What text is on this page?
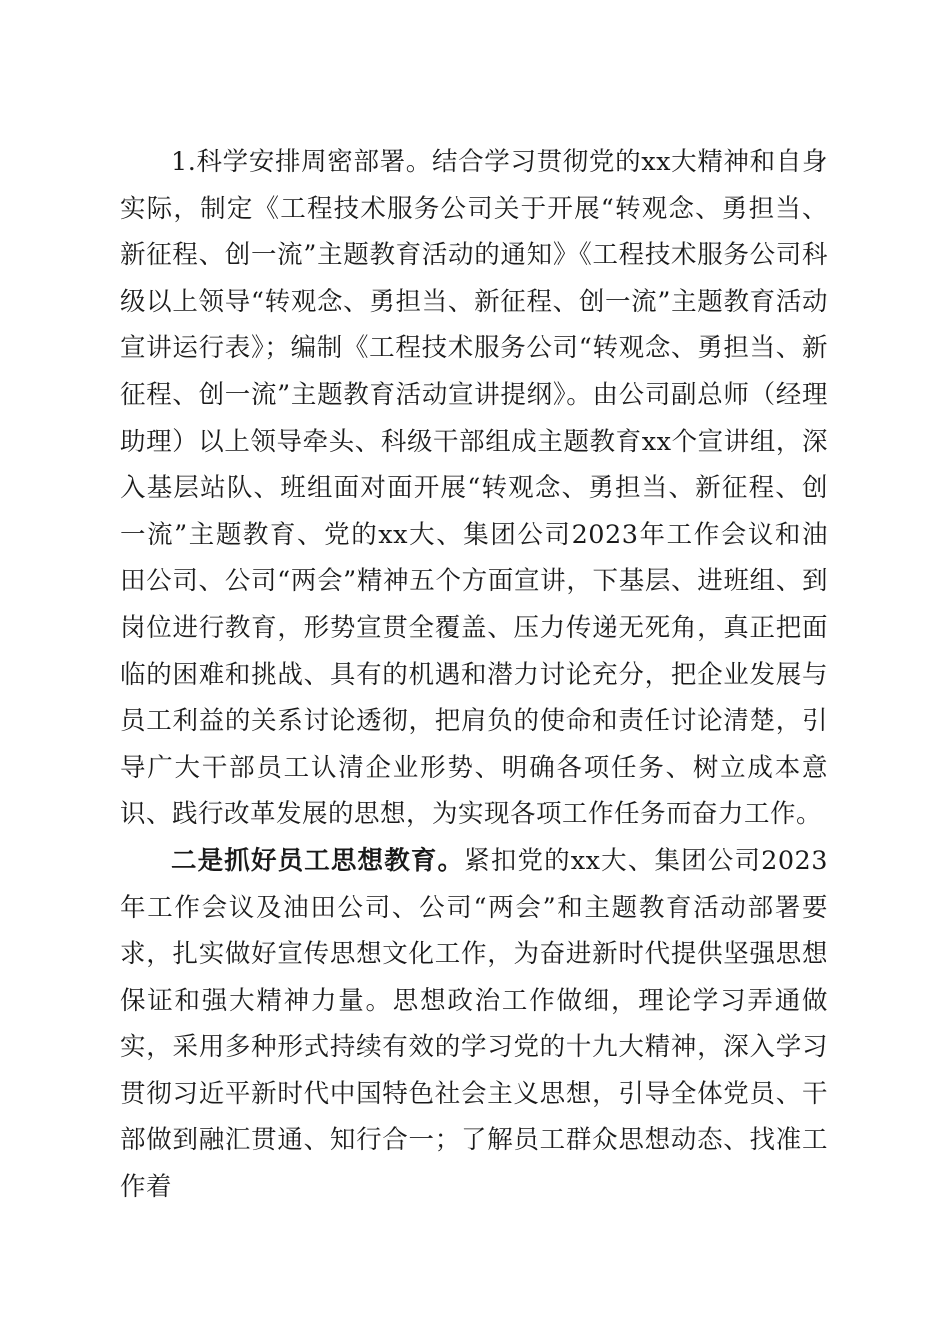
1.科学安排周密部署。结合学习贯彻党的xx大精神和自身实际，制定《工程技术服务公司关于开展“转观念、勇担当、新征程、创一流”主题教育活动的通知》《工程技术服务公司科级以上领导“转观念、勇担当、新征程、创一流”主题教育活动宣讲运行表》；编制《工程技术服务公司“转观念、勇担当、新征程、创一流”主题教育活动宣讲提纲》。由公司副总师（经理助理）以上领导牵头、科级干部组成主题教育xx个宣讲组，深入基层站队、班组面对面开展“转观念、勇担当、新征程、创一流”主题教育、党的xx大、集团公司2023年工作会议和油田公司、公司“两会”精神五个方面宣讲，下基层、进班组、到岗位进行教育，形势宣贯全覆盖、压力传递无死角，真正把面临的困难和挑战、具有的机遇和潜力讨论充分，把企业发展与员工利益的关系讨论透彻，把肩负的使命和责任讨论清楚，引导广大干部员工认清企业形势、明确各项任务、树立成本意识、践行改革发展的思想，为实现各项工作任务而奋力工作。

二是抓好员工思想教育。紧扣党的xx大、集团公司2023年工作会议及油田公司、公司“两会”和主题教育活动部署要求，扎实做好宣传思想文化工作，为奋进新时代提供坚强思想保证和强大精神力量。思想政治工作做细，理论学习弄通做实，采用多种形式持续有效的学习党的十九大精神，深入学习贯彻习近平新时代中国特色社会主义思想，引导全体党员、干部做到融汇贯通、知行合一；了解员工群众思想动态、找准工作着
